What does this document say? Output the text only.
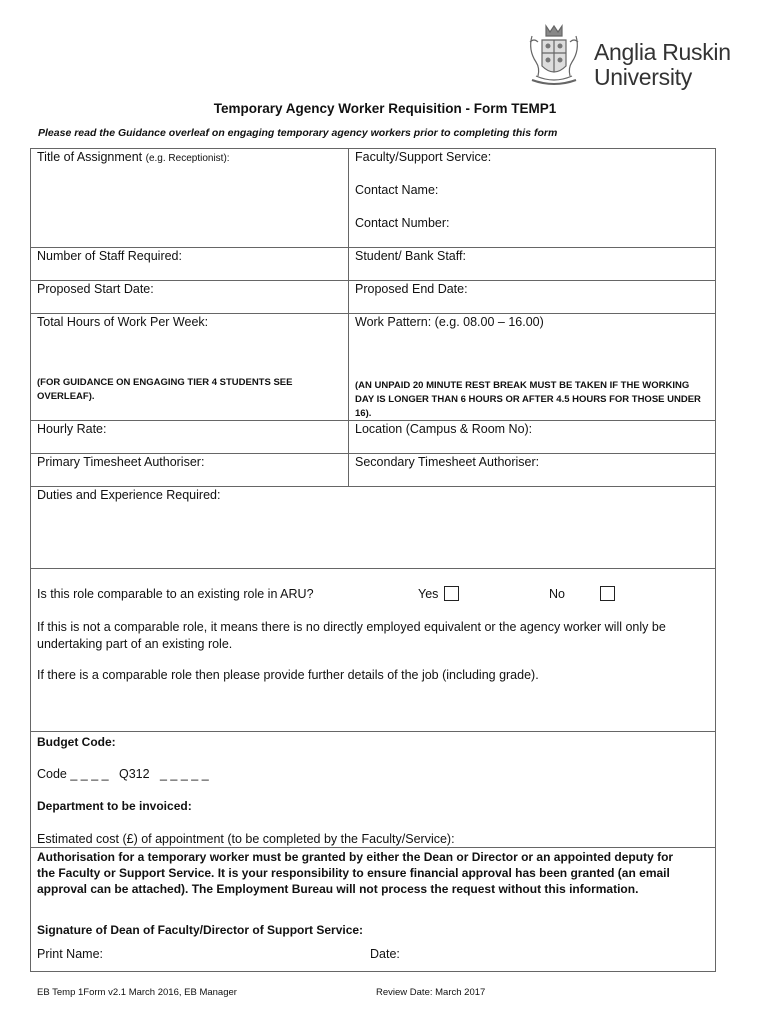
Anglia Ruskin
University
Temporary Agency Worker Requisition - Form TEMP1
Please read the Guidance overleaf on engaging temporary agency workers prior to completing this form
Title of Assignment (e.g. Receptionist):	Faculty/Support Service:
Contact Name:
Contact Number:
Number of Staff Required:	Student/ Bank Staff:
Proposed Start Date:	Proposed End Date:
Total Hours of Work Per Week:	Work Pattern: (e.g. 08.00 – 16.00)
(FOR GUIDANCE ON ENGAGING TIER 4 STUDENTS SEE
OVERLEAF).
(AN UNPAID 20 MINUTE REST BREAK MUST BE TAKEN IF THE WORKING
DAY IS LONGER THAN 6 HOURS OR AFTER 4.5 HOURS FOR THOSE UNDER
16).
Hourly Rate:	Location (Campus & Room No):
Primary Timesheet Authoriser:	Secondary Timesheet Authoriser:
Duties and Experience Required:
Is this role comparable to an existing role in ARU?	Yes	No
If this is not a comparable role, it means there is no directly employed equivalent or the agency worker will only be
undertaking part of an existing role.
If there is a comparable role then please provide further details of the job (including grade).
Budget Code:
Code _ _ _ _   Q312   _ _ _ _ _
Department to be invoiced:
Estimated cost (£) of appointment (to be completed by the Faculty/Service):
Authorisation for a temporary worker must be granted by either the Dean or Director or an appointed deputy for
the Faculty or Support Service. It is your responsibility to ensure financial approval has been granted (an email
approval can be attached). The Employment Bureau will not process the request without this information.
Signature of Dean of Faculty/Director of Support Service:
Print Name:	Date:
EB Temp 1Form v2.1 March 2016, EB Manager	Review Date: March 2017
